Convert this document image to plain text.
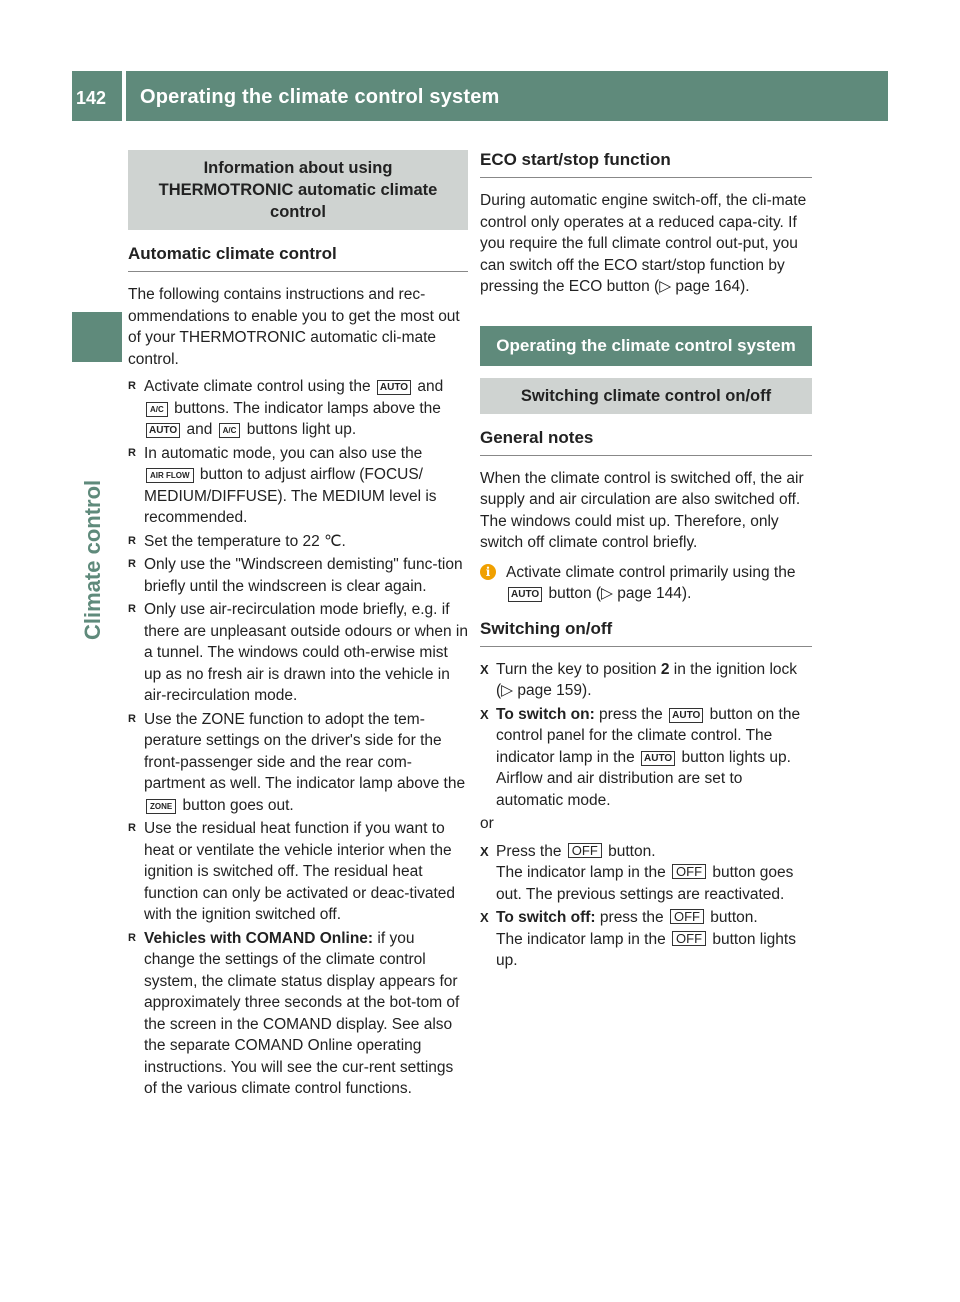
142 Operating the climate control system
Climate control
Information about using THERMOTRONIC automatic climate control
Automatic climate control

The following contains instructions and rec-ommendations to enable you to get the most out of your THERMOTRONIC automatic cli-mate control.

R Activate climate control using the AUTO and A/C buttons. The indicator lamps above the AUTO and A/C buttons light up.
R In automatic mode, you can also use the AIR FLOW button to adjust airflow (FOCUS/ MEDIUM/DIFFUSE). The MEDIUM level is recommended.
R Set the temperature to 22 ℃.
R Only use the "Windscreen demisting" func-tion briefly until the windscreen is clear again.
R Only use air-recirculation mode briefly, e.g. if there are unpleasant outside odours or when in a tunnel. The windows could oth-erwise mist up as no fresh air is drawn into the vehicle in air-recirculation mode.
R Use the ZONE function to adopt the tem-perature settings on the driver's side for the front-passenger side and the rear com-partment as well. The indicator lamp above the ZONE button goes out.
R Use the residual heat function if you want to heat or ventilate the vehicle interior when the ignition is switched off. The residual heat function can only be activated or deac-tivated with the ignition switched off.
R Vehicles with COMAND Online: if you change the settings of the climate control system, the climate status display appears for approximately three seconds at the bot-tom of the screen in the COMAND display. See also the separate COMAND Online operating instructions. You will see the cur-rent settings of the various climate control functions.
ECO start/stop function

During automatic engine switch-off, the cli-mate control only operates at a reduced capa-city. If you require the full climate control out-put, you can switch off the ECO start/stop function by pressing the ECO button (▷ page 164).

Operating the climate control system
Switching climate control on/off
General notes

When the climate control is switched off, the air supply and air circulation are also switched off. The windows could mist up. Therefore, only switch off climate control briefly.

i	Activate climate control primarily using the AUTO button (▷ page 144).
Switching on/off
X Turn the key to position 2 in the ignition lock (▷ page 159).
X To switch on: press the AUTO button on the control panel for the climate control. The indicator lamp in the AUTO button lights up. Airflow and air distribution are set to automatic mode.

or

X Press the OFF button.
The indicator lamp in the OFF button goes out. The previous settings are reactivated.
X To switch off: press the OFF button.
The indicator lamp in the OFF button lights up.
